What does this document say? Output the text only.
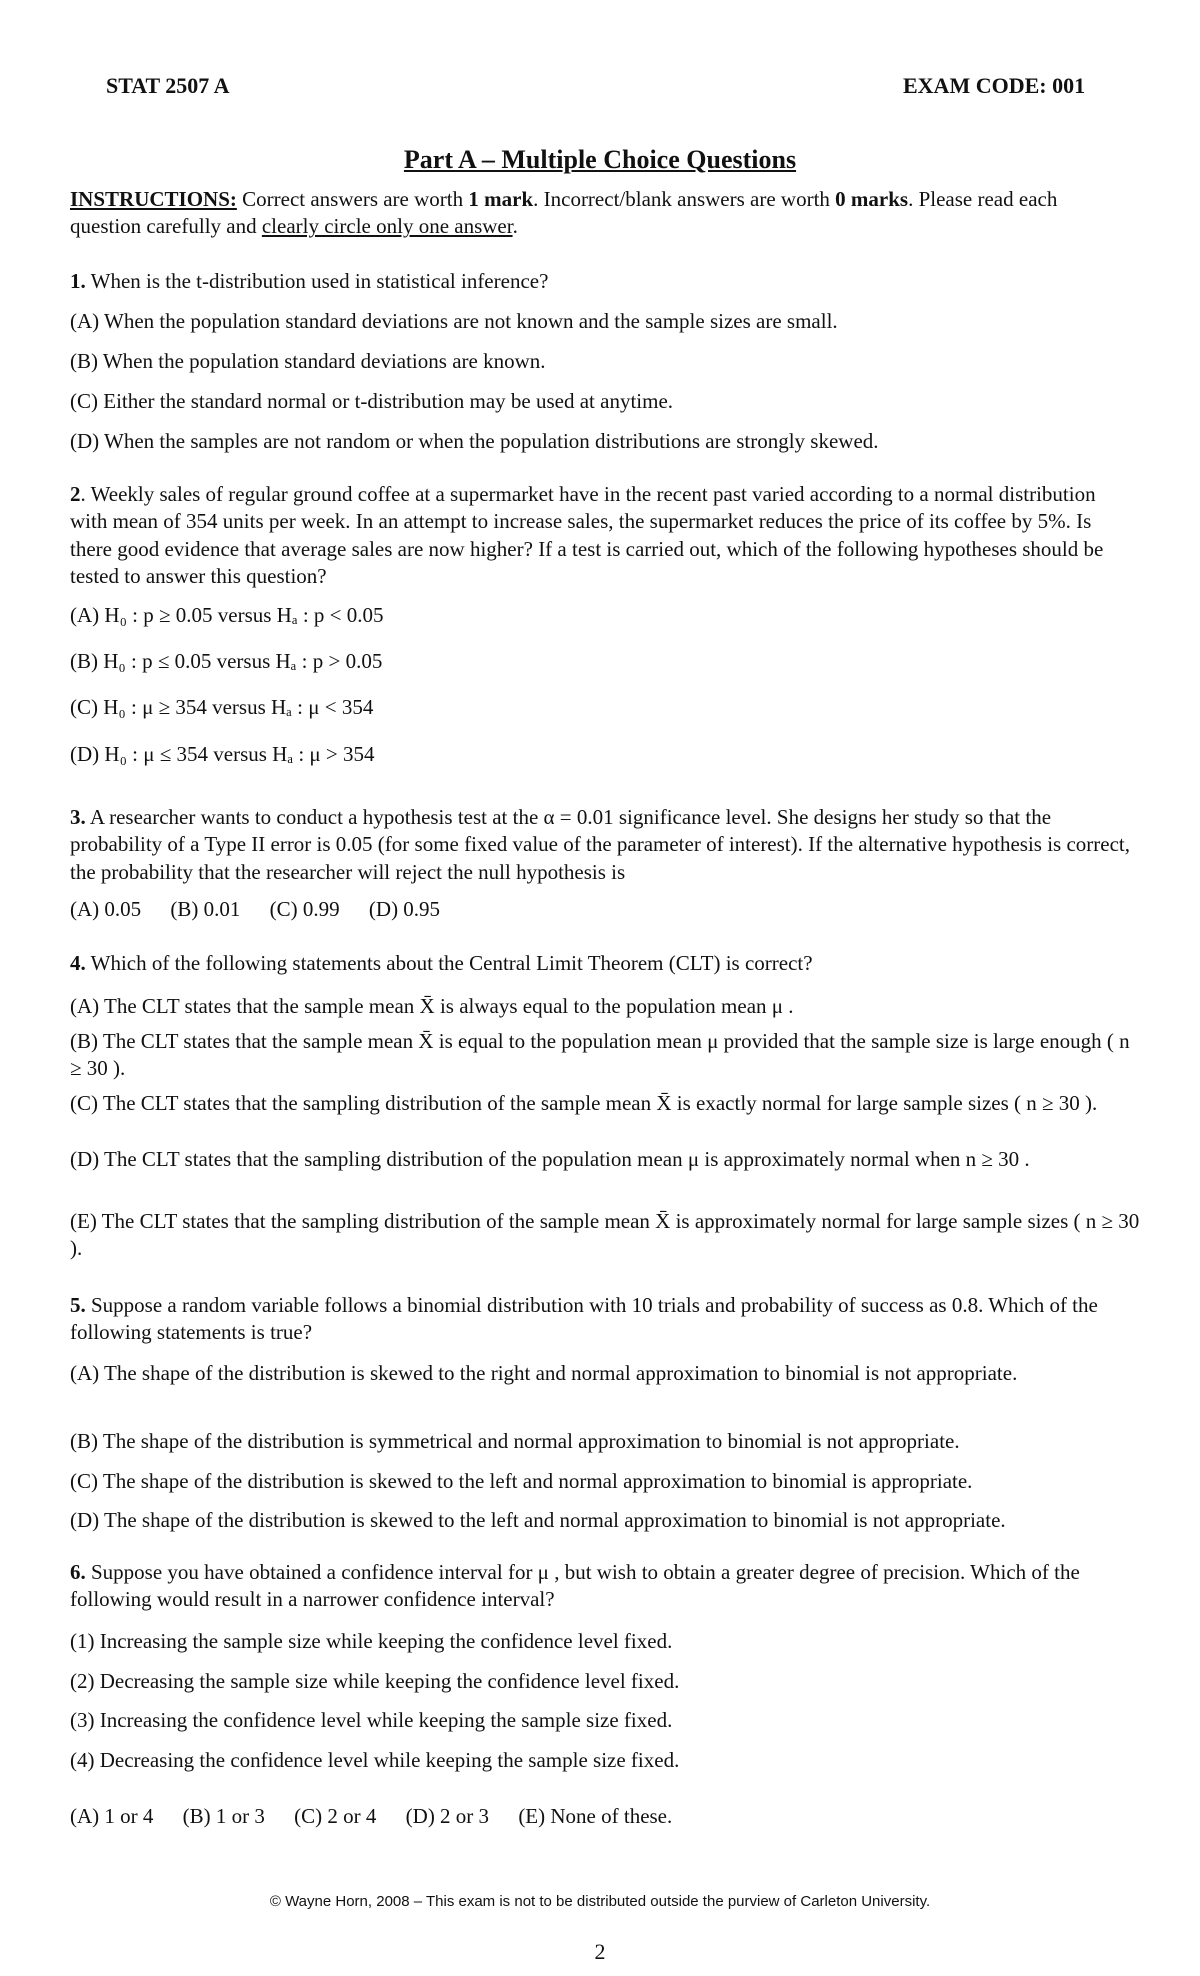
STAT 2507 A	EXAM CODE: 001
Part A – Multiple Choice Questions
INSTRUCTIONS: Correct answers are worth 1 mark. Incorrect/blank answers are worth 0 marks. Please read each question carefully and clearly circle only one answer.
1. When is the t-distribution used in statistical inference?
(A) When the population standard deviations are not known and the sample sizes are small.
(B) When the population standard deviations are known.
(C) Either the standard normal or t-distribution may be used at anytime.
(D) When the samples are not random or when the population distributions are strongly skewed.
2. Weekly sales of regular ground coffee at a supermarket have in the recent past varied according to a normal distribution with mean of 354 units per week. In an attempt to increase sales, the supermarket reduces the price of its coffee by 5%. Is there good evidence that average sales are now higher? If a test is carried out, which of the following hypotheses should be tested to answer this question?
(A) H₀ : p ≥ 0.05 versus Hₐ : p < 0.05
(B) H₀ : p ≤ 0.05 versus Hₐ : p > 0.05
(C) H₀ : μ ≥ 354 versus Hₐ : μ < 354
(D) H₀ : μ ≤ 354 versus Hₐ : μ > 354
3. A researcher wants to conduct a hypothesis test at the α = 0.01 significance level. She designs her study so that the probability of a Type II error is 0.05 (for some fixed value of the parameter of interest). If the alternative hypothesis is correct, the probability that the researcher will reject the null hypothesis is
(A) 0.05 (B) 0.01 (C) 0.99 (D) 0.95
4. Which of the following statements about the Central Limit Theorem (CLT) is correct?
(A) The CLT states that the sample mean X̄ is always equal to the population mean μ .
(B) The CLT states that the sample mean X̄ is equal to the population mean μ provided that the sample size is large enough ( n ≥ 30 ).
(C) The CLT states that the sampling distribution of the sample mean X̄ is exactly normal for large sample sizes ( n ≥ 30 ).
(D) The CLT states that the sampling distribution of the population mean μ is approximately normal when n ≥ 30 .
(E) The CLT states that the sampling distribution of the sample mean X̄ is approximately normal for large sample sizes ( n ≥ 30 ).
5. Suppose a random variable follows a binomial distribution with 10 trials and probability of success as 0.8. Which of the following statements is true?
(A) The shape of the distribution is skewed to the right and normal approximation to binomial is not appropriate.
(B) The shape of the distribution is symmetrical and normal approximation to binomial is not appropriate.
(C) The shape of the distribution is skewed to the left and normal approximation to binomial is appropriate.
(D) The shape of the distribution is skewed to the left and normal approximation to binomial is not appropriate.
6. Suppose you have obtained a confidence interval for μ , but wish to obtain a greater degree of precision. Which of the following would result in a narrower confidence interval?
(1) Increasing the sample size while keeping the confidence level fixed.
(2) Decreasing the sample size while keeping the confidence level fixed.
(3) Increasing the confidence level while keeping the sample size fixed.
(4) Decreasing the confidence level while keeping the sample size fixed.
(A) 1 or 4 (B) 1 or 3 (C) 2 or 4 (D) 2 or 3 (E) None of these.
© Wayne Horn, 2008 – This exam is not to be distributed outside the purview of Carleton University.
2
